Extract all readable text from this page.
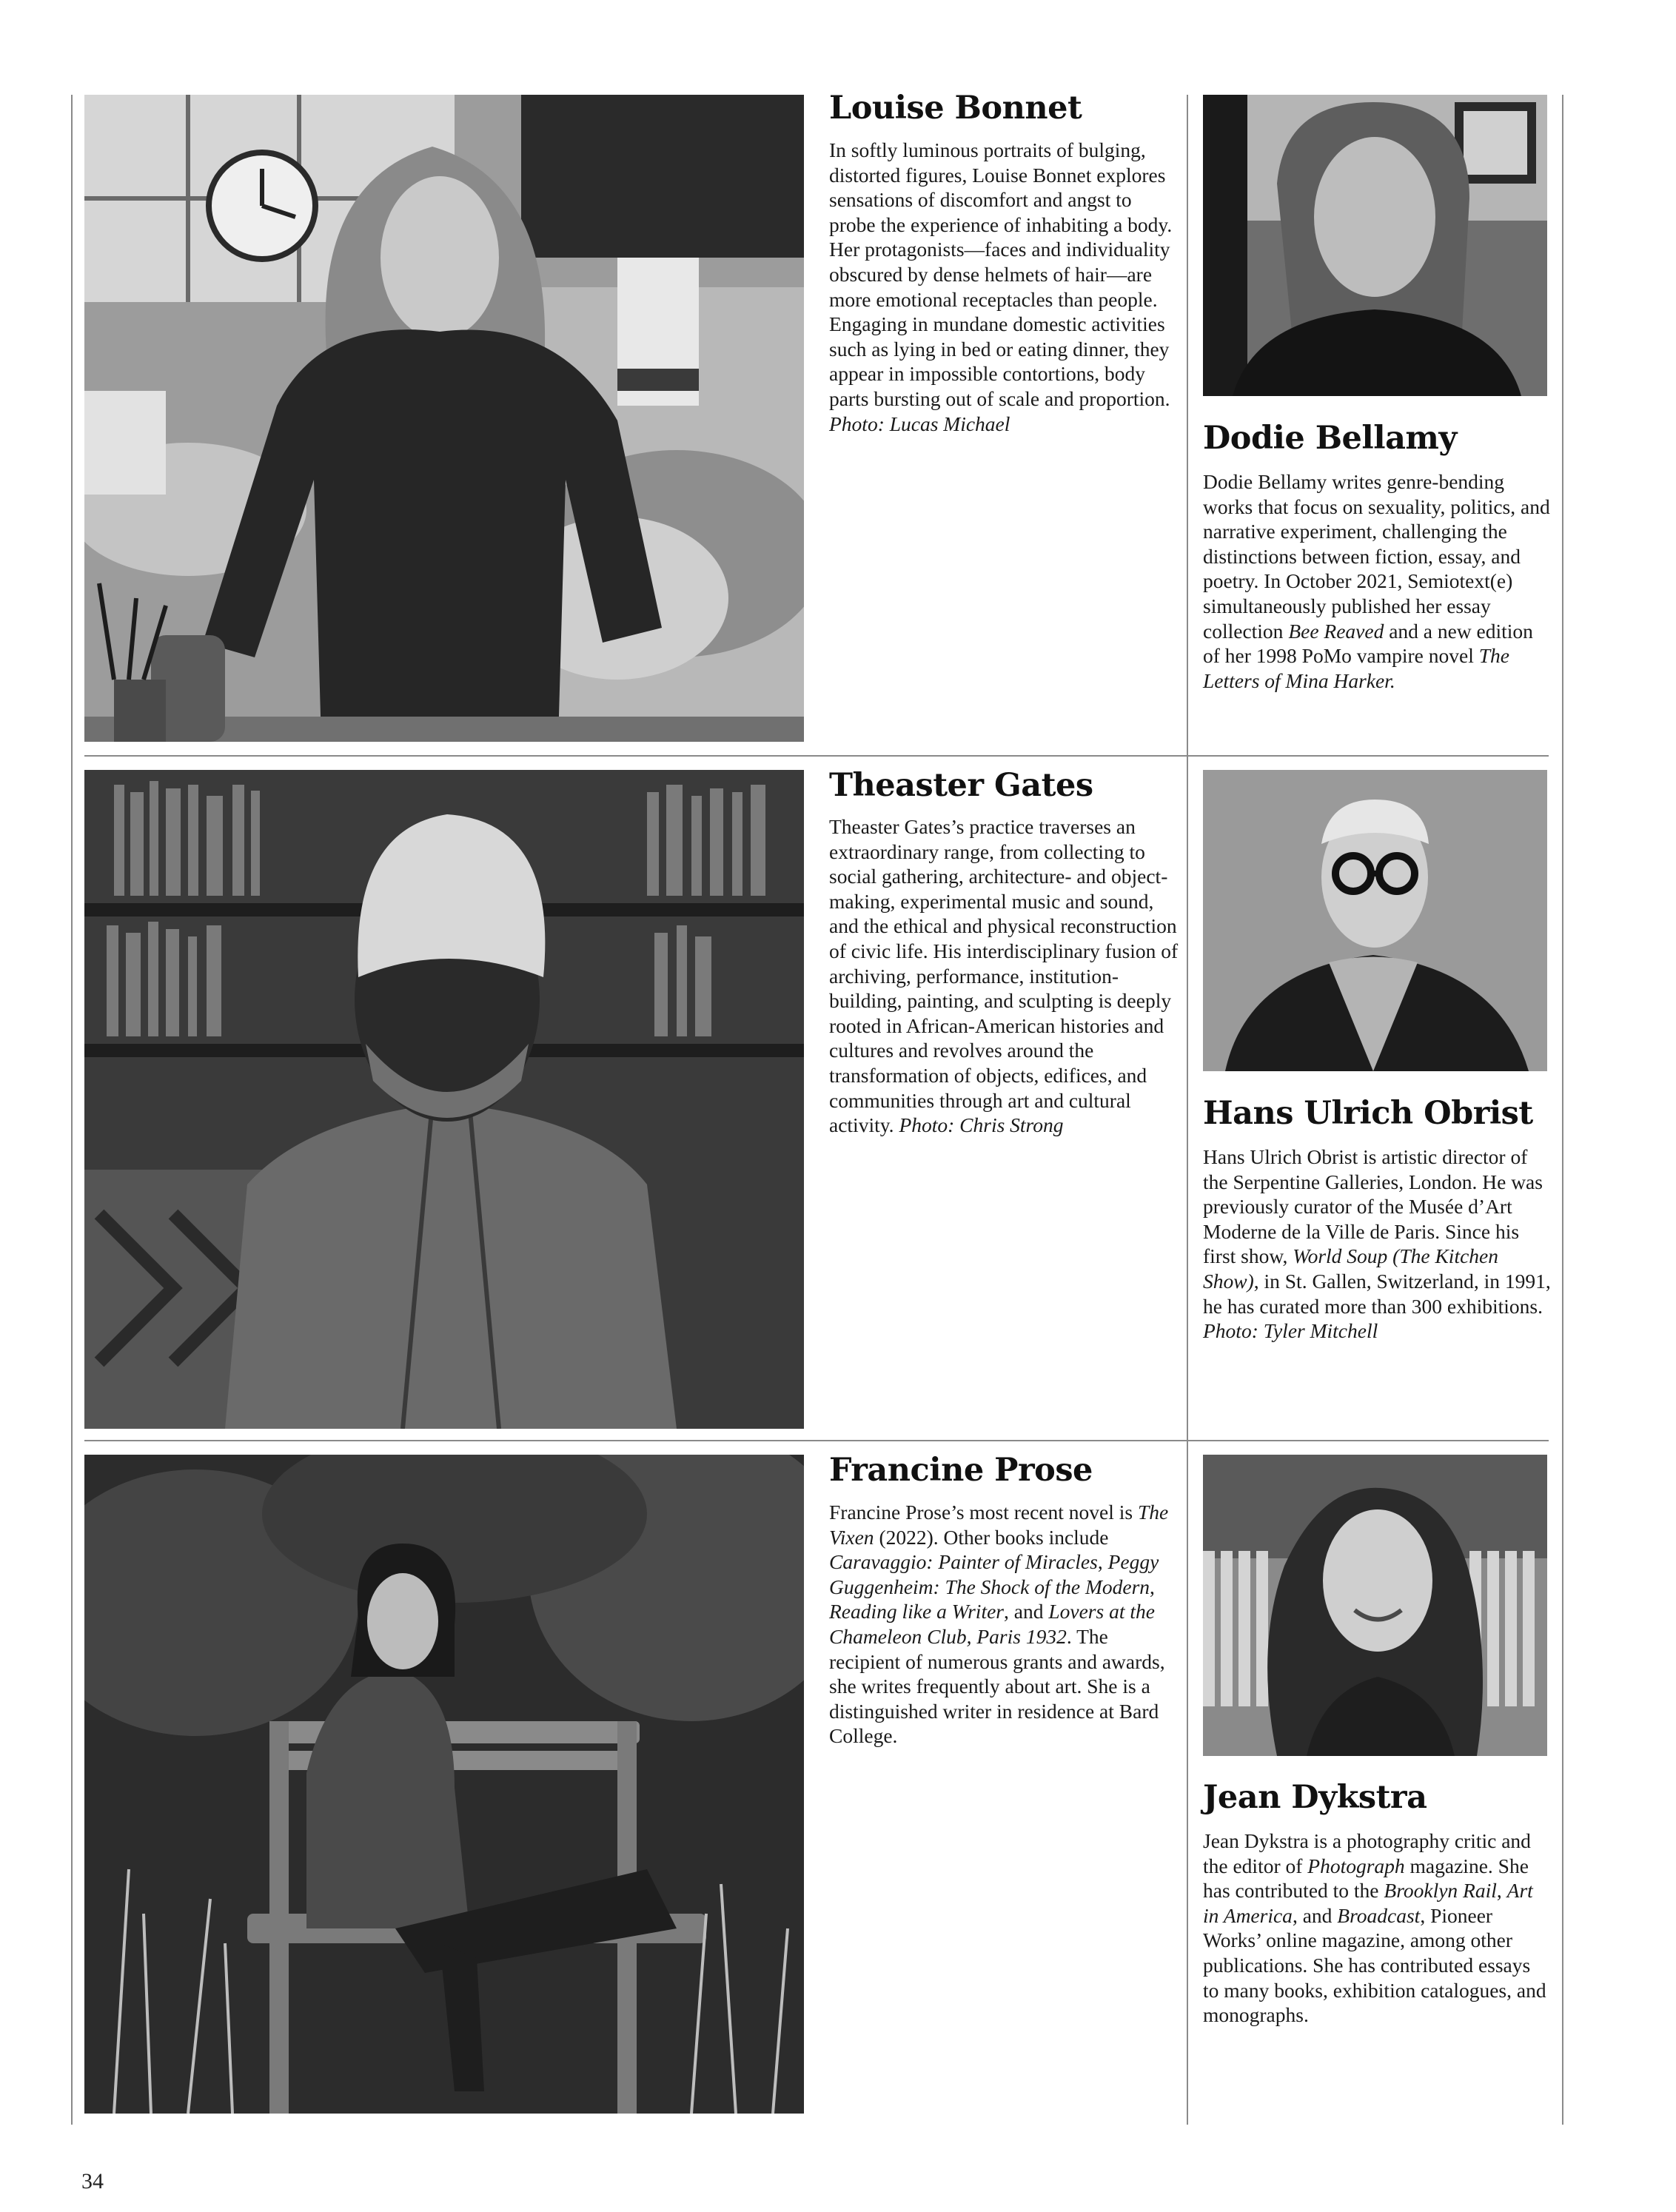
Louise Bonnet

In softly luminous portraits of bulging, distorted figures, Louise Bonnet explores sensations of discomfort and angst to probe the experience of inhabiting a body. Her protagonists—faces and individuality obscured by dense helmets of hair—are more emotional receptacles than people. Engaging in mundane domestic activities such as lying in bed or eating dinner, they appear in impossible contortions, body parts bursting out of scale and proportion. Photo: Lucas Michael	Dodie Bellamy

Dodie Bellamy writes genre-bending works that focus on sexuality, politics, and narrative experiment, challenging the distinctions between fiction, essay, and poetry. In October 2021, Semiotext(e) simultaneously published her essay collection Bee Reaved and a new edition of her 1998 PoMo vampire novel The Letters of Mina Harker.

Theaster Gates

Theaster Gates’s practice traverses an extraordinary range, from collecting to social gathering, architecture- and object-making, experimental music and sound, and the ethical and physical reconstruction of civic life. His interdisciplinary fusion of archiving, performance, institution-building, painting, and sculpting is deeply rooted in African-American histories and cultures and revolves around the transformation of objects, edifices, and communities through art and cultural activity. Photo: Chris Strong	Hans Ulrich Obrist

Hans Ulrich Obrist is artistic director of the Serpentine Galleries, London. He was previously curator of the Musée d’Art Moderne de la Ville de Paris. Since his first show, World Soup (The Kitchen Show), in St. Gallen, Switzerland, in 1991, he has curated more than 300 exhibitions. Photo: Tyler Mitchell

Francine Prose

Francine Prose’s most recent novel is The Vixen (2022). Other books include Caravaggio: Painter of Miracles, Peggy Guggenheim: The Shock of the Modern, Reading like a Writer, and Lovers at the Chameleon Club, Paris 1932. The recipient of numerous grants and awards, she writes frequently about art. She is a distinguished writer in residence at Bard College.

Jean Dykstra

Jean Dykstra is a photography critic and the editor of Photograph magazine. She has contributed to the Brooklyn Rail, Art in America, and Broadcast, Pioneer Works’ online magazine, among other publications. She has contributed essays to many books, exhibition catalogues, and monographs.

34
